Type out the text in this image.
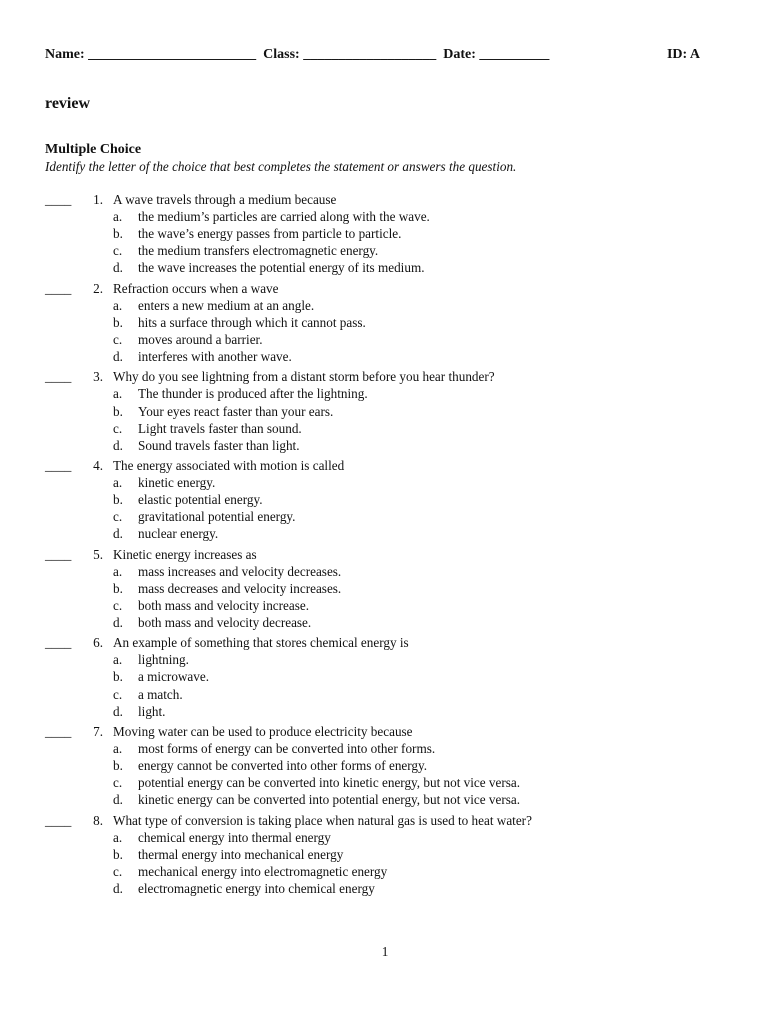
Name: ________________________  Class: ___________________  Date: __________	ID: A
review
Multiple Choice
Identify the letter of the choice that best completes the statement or answers the question.
____	1. A wave travels through a medium because
a. the medium’s particles are carried along with the wave.
b. the wave’s energy passes from particle to particle.
c. the medium transfers electromagnetic energy.
d. the wave increases the potential energy of its medium.
____	2. Refraction occurs when a wave
a. enters a new medium at an angle.
b. hits a surface through which it cannot pass.
c. moves around a barrier.
d. interferes with another wave.
____	3. Why do you see lightning from a distant storm before you hear thunder?
a. The thunder is produced after the lightning.
b. Your eyes react faster than your ears.
c. Light travels faster than sound.
d. Sound travels faster than light.
____	4. The energy associated with motion is called
a. kinetic energy.
b. elastic potential energy.
c. gravitational potential energy.
d. nuclear energy.
____	5. Kinetic energy increases as
a. mass increases and velocity decreases.
b. mass decreases and velocity increases.
c. both mass and velocity increase.
d. both mass and velocity decrease.
____	6. An example of something that stores chemical energy is
a. lightning.
b. a microwave.
c. a match.
d. light.
____	7. Moving water can be used to produce electricity because
a. most forms of energy can be converted into other forms.
b. energy cannot be converted into other forms of energy.
c. potential energy can be converted into kinetic energy, but not vice versa.
d. kinetic energy can be converted into potential energy, but not vice versa.
____	8. What type of conversion is taking place when natural gas is used to heat water?
a. chemical energy into thermal energy
b. thermal energy into mechanical energy
c. mechanical energy into electromagnetic energy
d. electromagnetic energy into chemical energy
1
